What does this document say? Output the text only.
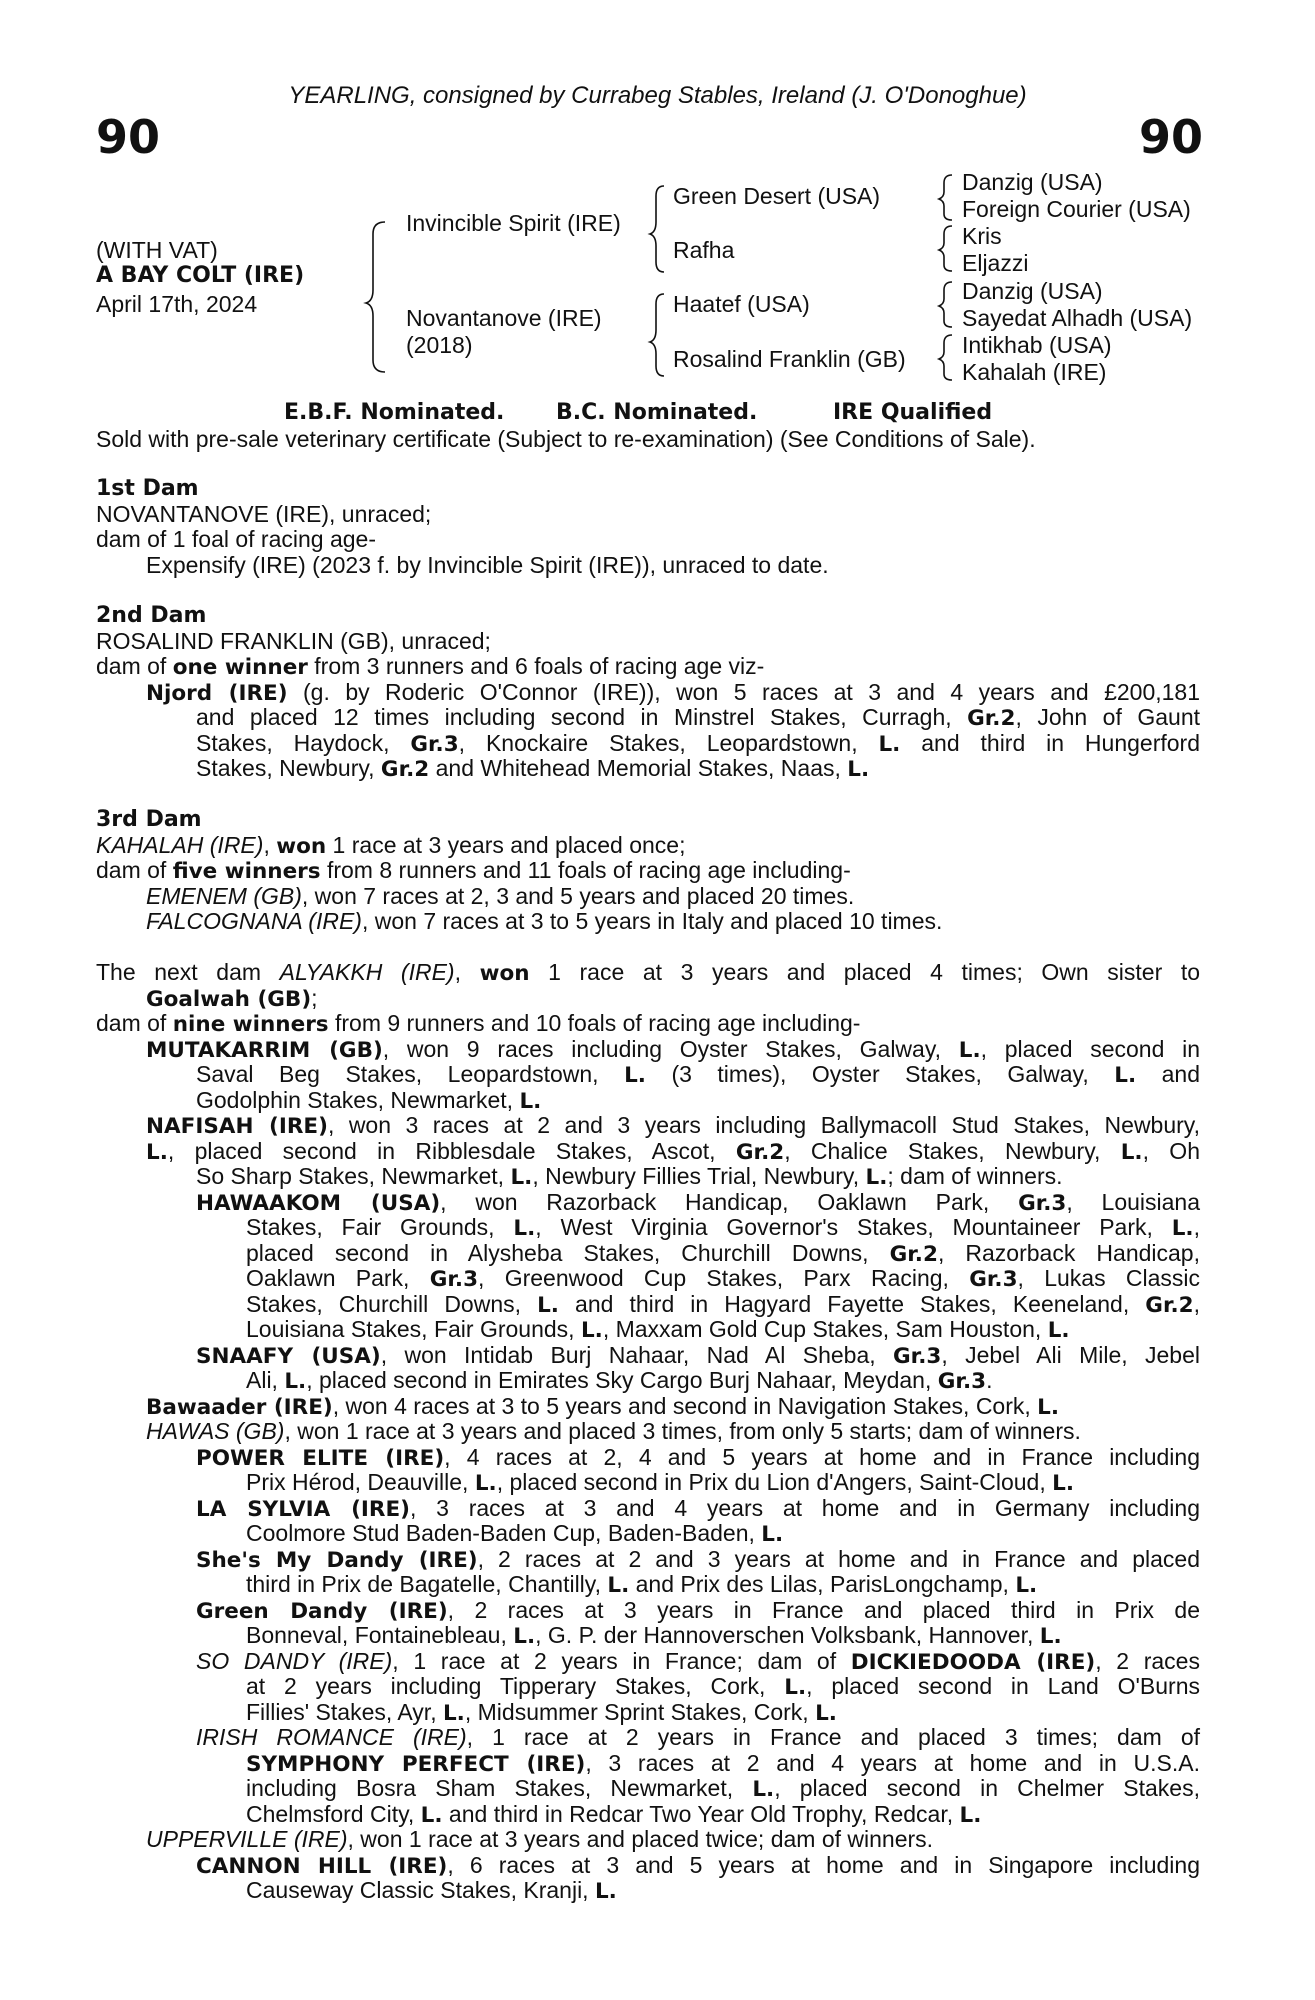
YEARLING, consigned by Currabeg Stables, Ireland (J. O'Donoghue)
90	90
(WITH VAT)
A BAY COLT (IRE)
April 17th, 2024
Invincible Spirit (IRE)
Novantanove (IRE)
(2018)
Green Desert (USA)
Rafha
Haatef (USA)
Rosalind Franklin (GB)
Danzig (USA)
Foreign Courier (USA)
Kris
Eljazzi
Danzig (USA)
Sayedat Alhadh (USA)
Intikhab (USA)
Kahalah (IRE)
E.B.F. Nominated. B.C. Nominated.	IRE Qualified
Sold with pre-sale veterinary certificate (Subject to re-examination) (See Conditions of Sale).
1st Dam
NOVANTANOVE (IRE), unraced;
dam of 1 foal of racing age-
Expensify (IRE) (2023 f. by Invincible Spirit (IRE)), unraced to date.
2nd Dam
ROSALIND FRANKLIN (GB), unraced;
dam of one winner from 3 runners and 6 foals of racing age viz-
Njord (IRE) (g. by Roderic O'Connor (IRE)), won 5 races at 3 and 4 years and £200,181
and placed 12 times including second in Minstrel Stakes, Curragh, Gr.2, John of Gaunt
Stakes, Haydock, Gr.3, Knockaire Stakes, Leopardstown, L. and third in Hungerford
Stakes, Newbury, Gr.2 and Whitehead Memorial Stakes, Naas, L.
3rd Dam
KAHALAH (IRE), won 1 race at 3 years and placed once;
dam of five winners from 8 runners and 11 foals of racing age including-
EMENEM (GB), won 7 races at 2, 3 and 5 years and placed 20 times.
FALCOGNANA (IRE), won 7 races at 3 to 5 years in Italy and placed 10 times.
The next dam ALYAKKH (IRE), won 1 race at 3 years and placed 4 times; Own sister to
Goalwah (GB);
dam of nine winners from 9 runners and 10 foals of racing age including-
MUTAKARRIM (GB), won 9 races including Oyster Stakes, Galway, L., placed second in
Saval Beg Stakes, Leopardstown, L. (3 times), Oyster Stakes, Galway, L. and
Godolphin Stakes, Newmarket, L.
NAFISAH (IRE), won 3 races at 2 and 3 years including Ballymacoll Stud Stakes, Newbury,
L., placed second in Ribblesdale Stakes, Ascot, Gr.2, Chalice Stakes, Newbury, L., Oh
So Sharp Stakes, Newmarket, L., Newbury Fillies Trial, Newbury, L.; dam of winners.
HAWAAKOM (USA), won Razorback Handicap, Oaklawn Park, Gr.3, Louisiana
Stakes, Fair Grounds, L., West Virginia Governor's Stakes, Mountaineer Park, L.,
placed second in Alysheba Stakes, Churchill Downs, Gr.2, Razorback Handicap,
Oaklawn Park, Gr.3, Greenwood Cup Stakes, Parx Racing, Gr.3, Lukas Classic
Stakes, Churchill Downs, L. and third in Hagyard Fayette Stakes, Keeneland, Gr.2,
Louisiana Stakes, Fair Grounds, L., Maxxam Gold Cup Stakes, Sam Houston, L.
SNAAFY (USA), won Intidab Burj Nahaar, Nad Al Sheba, Gr.3, Jebel Ali Mile, Jebel
Ali, L., placed second in Emirates Sky Cargo Burj Nahaar, Meydan, Gr.3.
Bawaader (IRE), won 4 races at 3 to 5 years and second in Navigation Stakes, Cork, L.
HAWAS (GB), won 1 race at 3 years and placed 3 times, from only 5 starts; dam of winners.
POWER ELITE (IRE), 4 races at 2, 4 and 5 years at home and in France including
Prix Hérod, Deauville, L., placed second in Prix du Lion d'Angers, Saint-Cloud, L.
LA SYLVIA (IRE), 3 races at 3 and 4 years at home and in Germany including
Coolmore Stud Baden-Baden Cup, Baden-Baden, L.
She's My Dandy (IRE), 2 races at 2 and 3 years at home and in France and placed
third in Prix de Bagatelle, Chantilly, L. and Prix des Lilas, ParisLongchamp, L.
Green Dandy (IRE), 2 races at 3 years in France and placed third in Prix de
Bonneval, Fontainebleau, L., G. P. der Hannoverschen Volksbank, Hannover, L.
SO DANDY (IRE), 1 race at 2 years in France; dam of DICKIEDOODA (IRE), 2 races
at 2 years including Tipperary Stakes, Cork, L., placed second in Land O'Burns
Fillies' Stakes, Ayr, L., Midsummer Sprint Stakes, Cork, L.
IRISH ROMANCE (IRE), 1 race at 2 years in France and placed 3 times; dam of
SYMPHONY PERFECT (IRE), 3 races at 2 and 4 years at home and in U.S.A.
including Bosra Sham Stakes, Newmarket, L., placed second in Chelmer Stakes,
Chelmsford City, L. and third in Redcar Two Year Old Trophy, Redcar, L.
UPPERVILLE (IRE), won 1 race at 3 years and placed twice; dam of winners.
CANNON HILL (IRE), 6 races at 3 and 5 years at home and in Singapore including
Causeway Classic Stakes, Kranji, L.
